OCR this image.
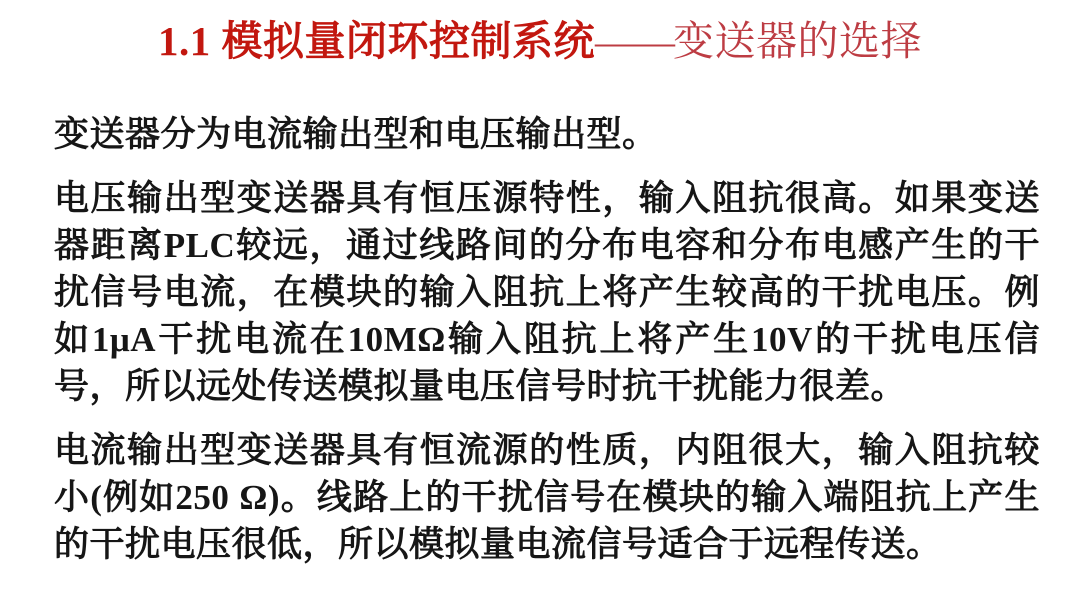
1.1 模拟量闭环控制系统——变送器的选择

变送器分为电流输出型和电压输出型。

电压输出型变送器具有恒压源特性，输入阻抗很高。如果变送器距离PLC较远，通过线路间的分布电容和分布电感产生的干扰信号电流，在模块的输入阻抗上将产生较高的干扰电压。例如1μA干扰电流在10MΩ输入阻抗上将产生10V的干扰电压信号，所以远处传送模拟量电压信号时抗干扰能力很差。

电流输出型变送器具有恒流源的性质，内阻很大，输入阻抗较小(例如250 Ω)。线路上的干扰信号在模块的输入端阻抗上产生的干扰电压很低，所以模拟量电流信号适合于远程传送。
